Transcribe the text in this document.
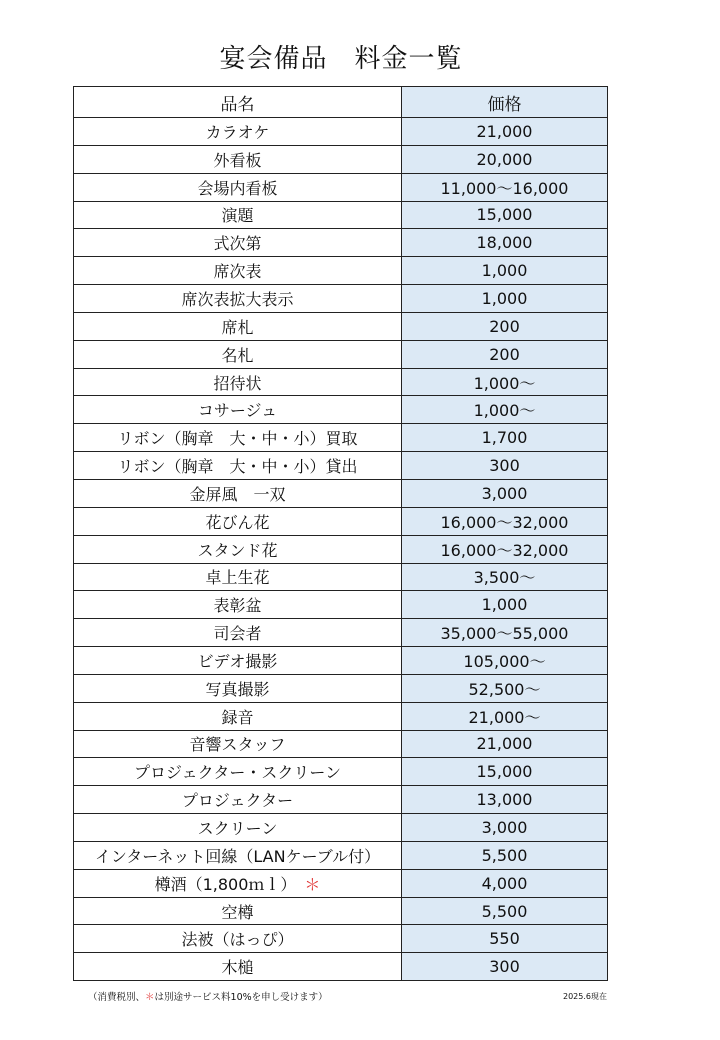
宴会備品　料金一覧
品名	価格
カラオケ	21,000
外看板	20,000
会場内看板	11,000～16,000
演題	15,000
式次第	18,000
席次表	1,000
席次表拡大表示	1,000
席札	200
名札	200
招待状	1,000～
コサージュ	1,000～
リボン（胸章　大・中・小）買取	1,700
リボン（胸章　大・中・小）貸出	300
金屏風　一双	3,000
花びん花	16,000～32,000
スタンド花	16,000～32,000
卓上生花	3,500～
表彰盆	1,000
司会者	35,000～55,000
ビデオ撮影	105,000～
写真撮影	52,500～
録音	21,000～
音響スタッフ	21,000
プロジェクター・スクリーン	15,000
プロジェクター	13,000
スクリーン	3,000
インターネット回線（LANケーブル付）	5,500
樽酒（1,800ｍｌ）　 ＊	4,000
空樽	5,500
法被（はっぴ）	550
木槌	300
（消費税別、＊は別途サービス料10%を申し受けます）	2025.6現在
